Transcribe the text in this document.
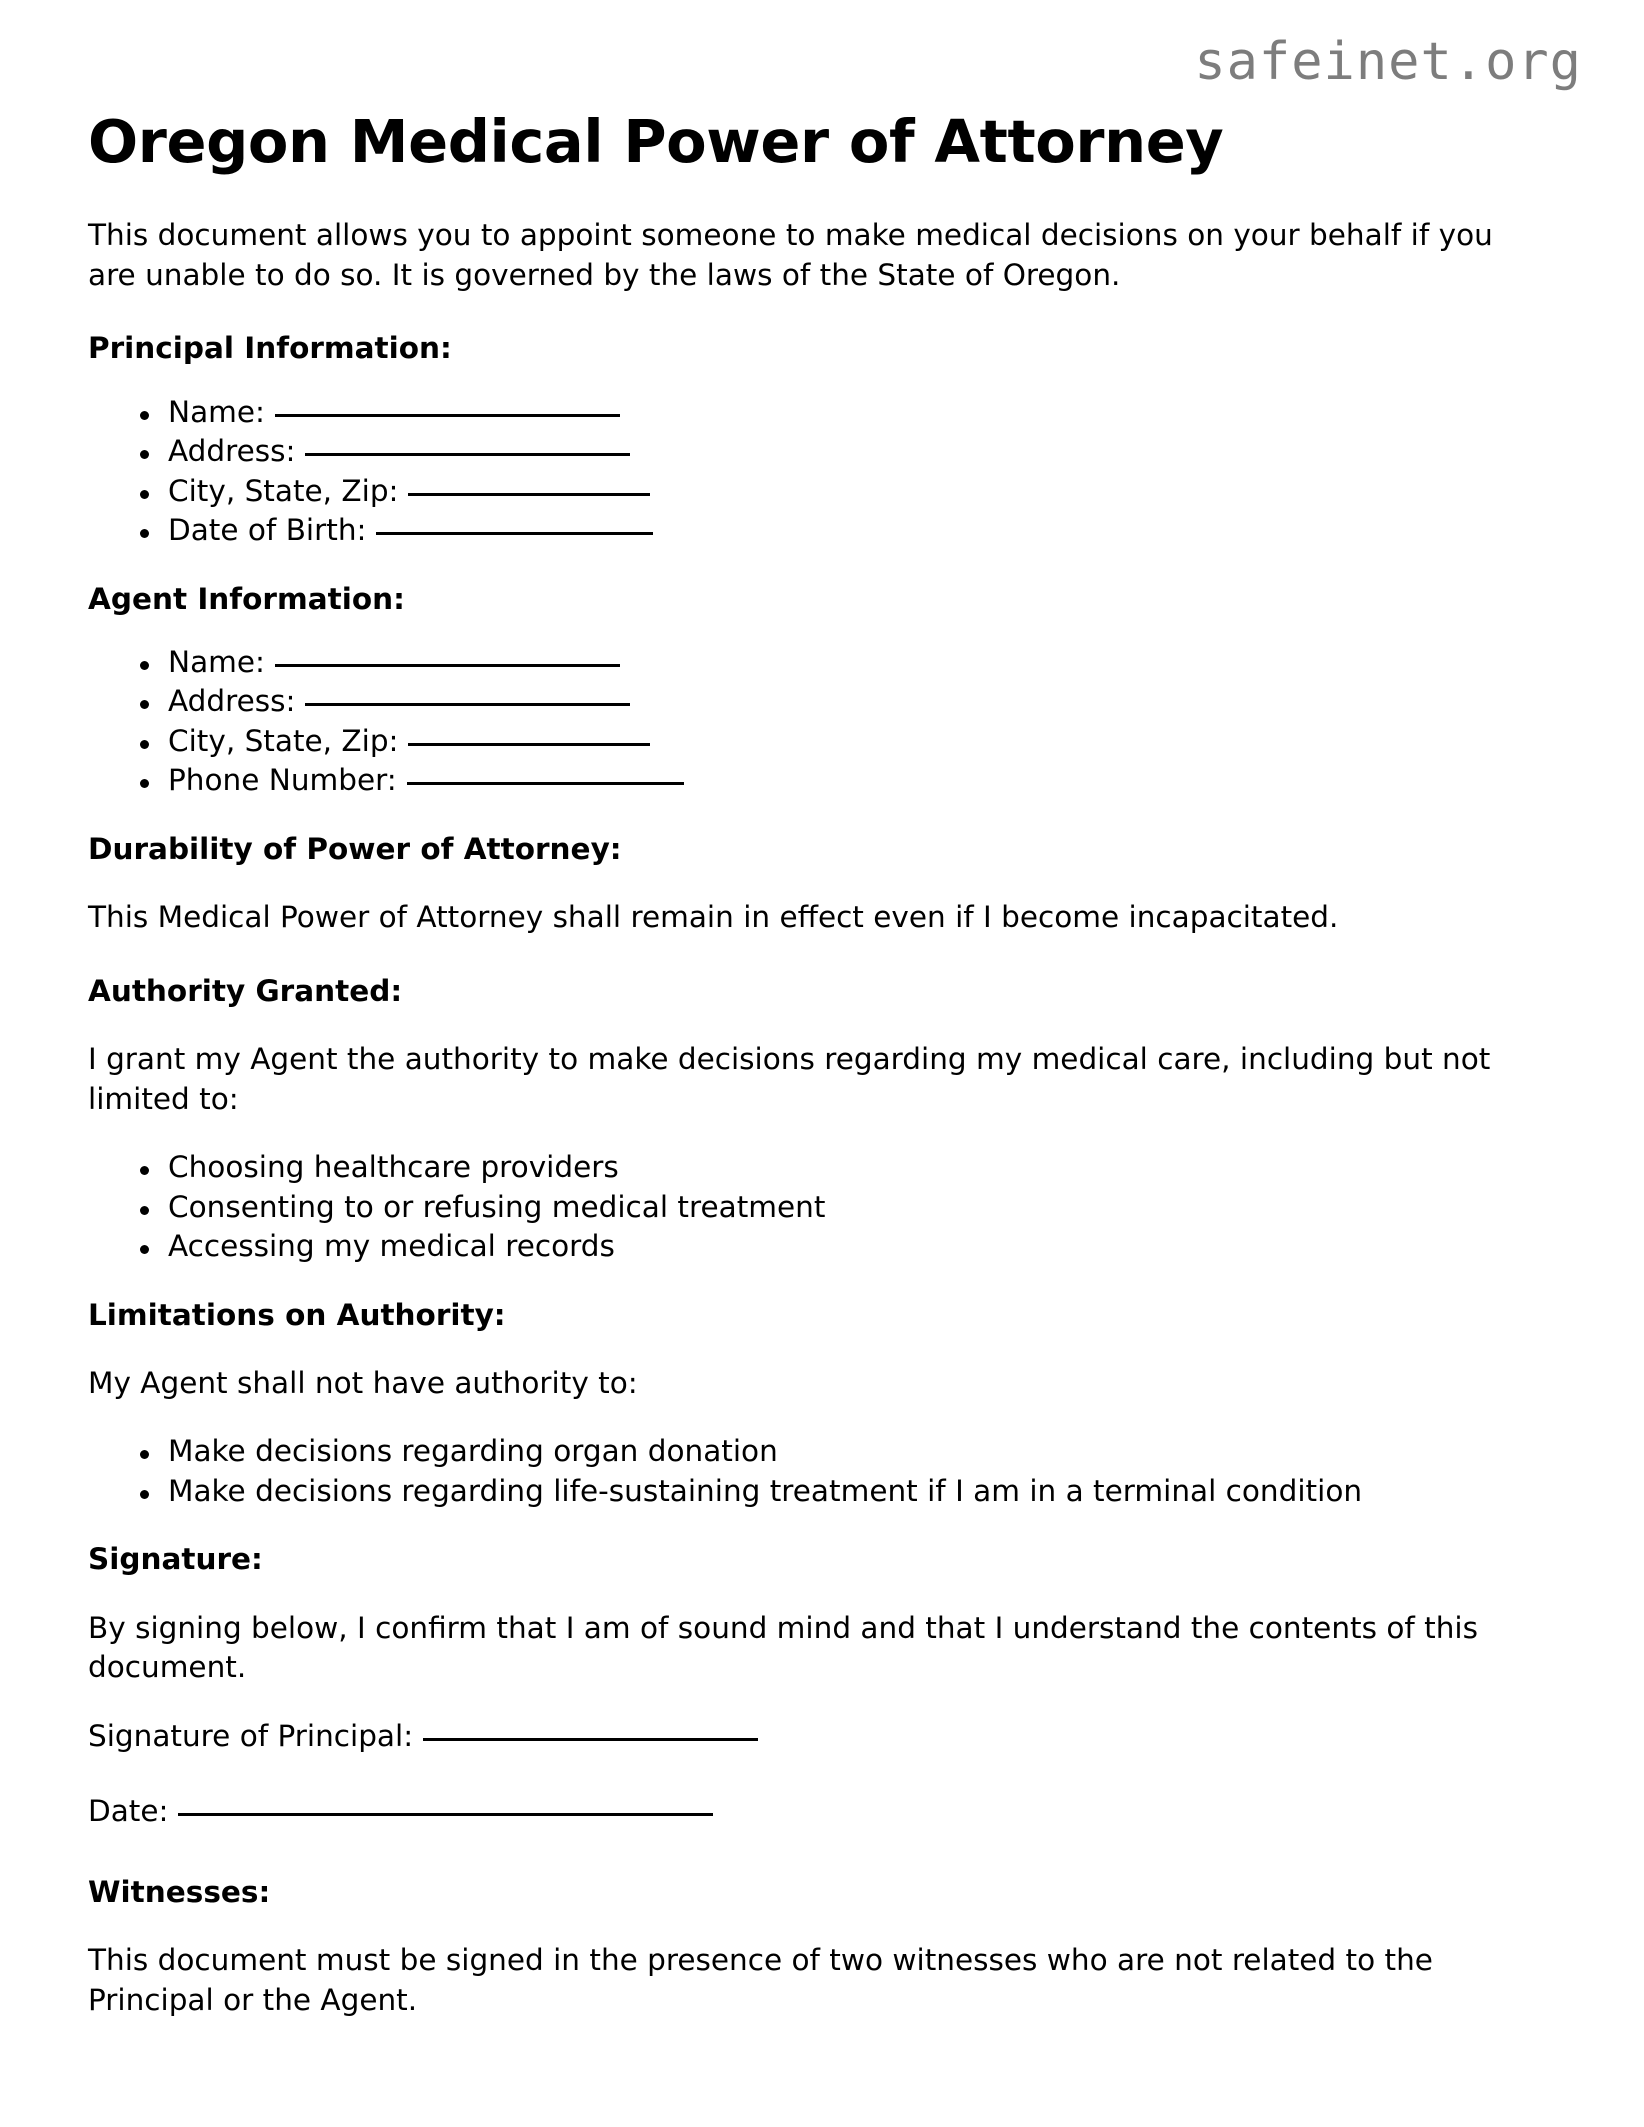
safeinet.org
Oregon Medical Power of Attorney

This document allows you to appoint someone to make medical decisions on your behalf if you are unable to do so. It is governed by the laws of the State of Oregon.

Principal Information:
Name:
Address:
City, State, Zip:
Date of Birth:
Agent Information:
Name:
Address:
City, State, Zip:
Phone Number:
Durability of Power of Attorney:

This Medical Power of Attorney shall remain in effect even if I become incapacitated.

Authority Granted:

I grant my Agent the authority to make decisions regarding my medical care, including but not limited to:

Choosing healthcare providers
Consenting to or refusing medical treatment
Accessing my medical records
Limitations on Authority:

My Agent shall not have authority to:

Make decisions regarding organ donation
Make decisions regarding life-sustaining treatment if I am in a terminal condition
Signature:

By signing below, I confirm that I am of sound mind and that I understand the contents of this document.

Signature of Principal:
Date:
Witnesses:

This document must be signed in the presence of two witnesses who are not related to the Principal or the Agent.
